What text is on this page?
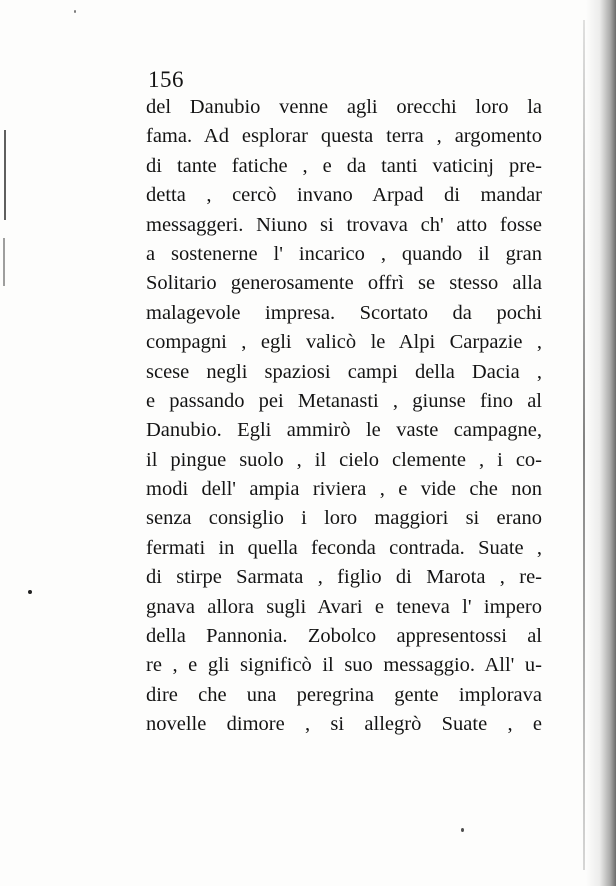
156
del Danubio venne agli orecchi loro la
fama. Ad esplorar questa terra , argomento
di tante fatiche , e da tanti vaticinj pre-
detta , cercò invano Arpad di mandar
messaggeri. Niuno si trovava ch' atto fosse
a sostenerne l' incarico , quando il gran
Solitario generosamente offrì se stesso alla
malagevole impresa. Scortato da pochi
compagni , egli valicò le Alpi Carpazie ,
scese negli spaziosi campi della Dacia ,
e passando pei Metanasti , giunse fino al
Danubio. Egli ammirò le vaste campagne,
il pingue suolo , il cielo clemente , i co-
modi dell' ampia riviera , e vide che non
senza consiglio i loro maggiori si erano
fermati in quella feconda contrada. Suate ,
di stirpe Sarmata , figlio di Marota , re-
gnava allora sugli Avari e teneva l' impero
della Pannonia. Zobolco appresentossi al
re , e gli significò il suo messaggio. All' u-
dire che una peregrina gente implorava
novelle dimore , si allegrò Suate , e
